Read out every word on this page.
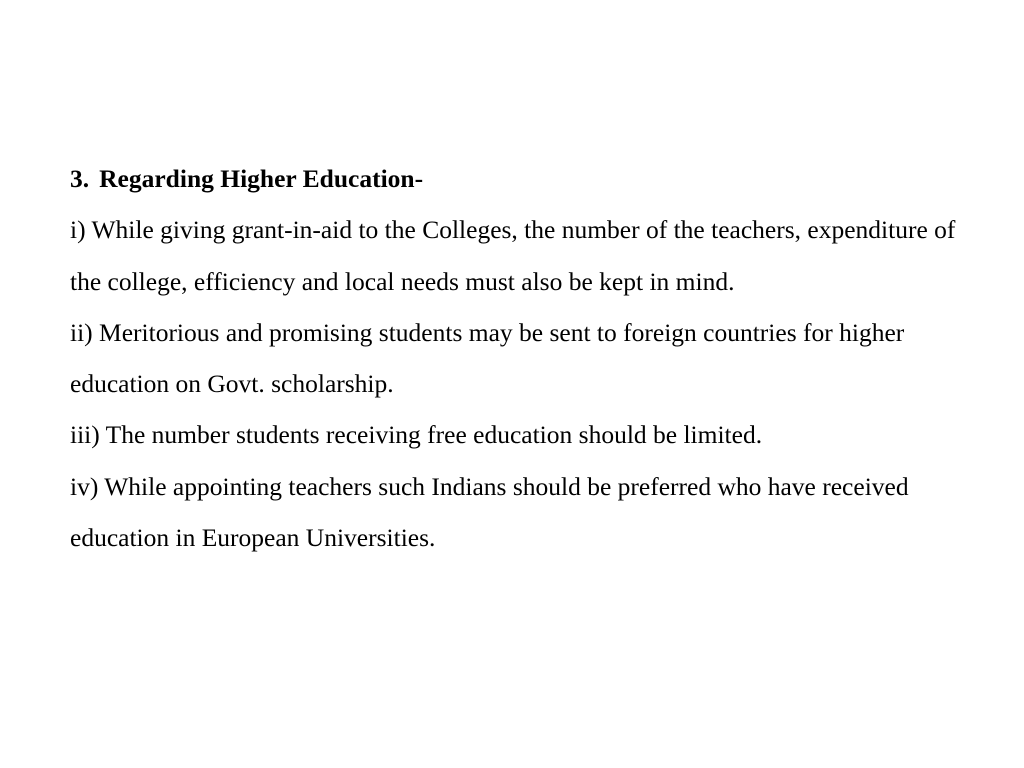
3. Regarding Higher Education-

i) While giving grant-in-aid to the Colleges, the number of the teachers, expenditure of the college, efficiency and local needs must also be kept in mind.

ii) Meritorious and promising students may be sent to foreign countries for higher education on Govt. scholarship.

iii) The number students receiving free education should be limited.

iv) While appointing teachers such Indians should be preferred who have received education in European Universities.
